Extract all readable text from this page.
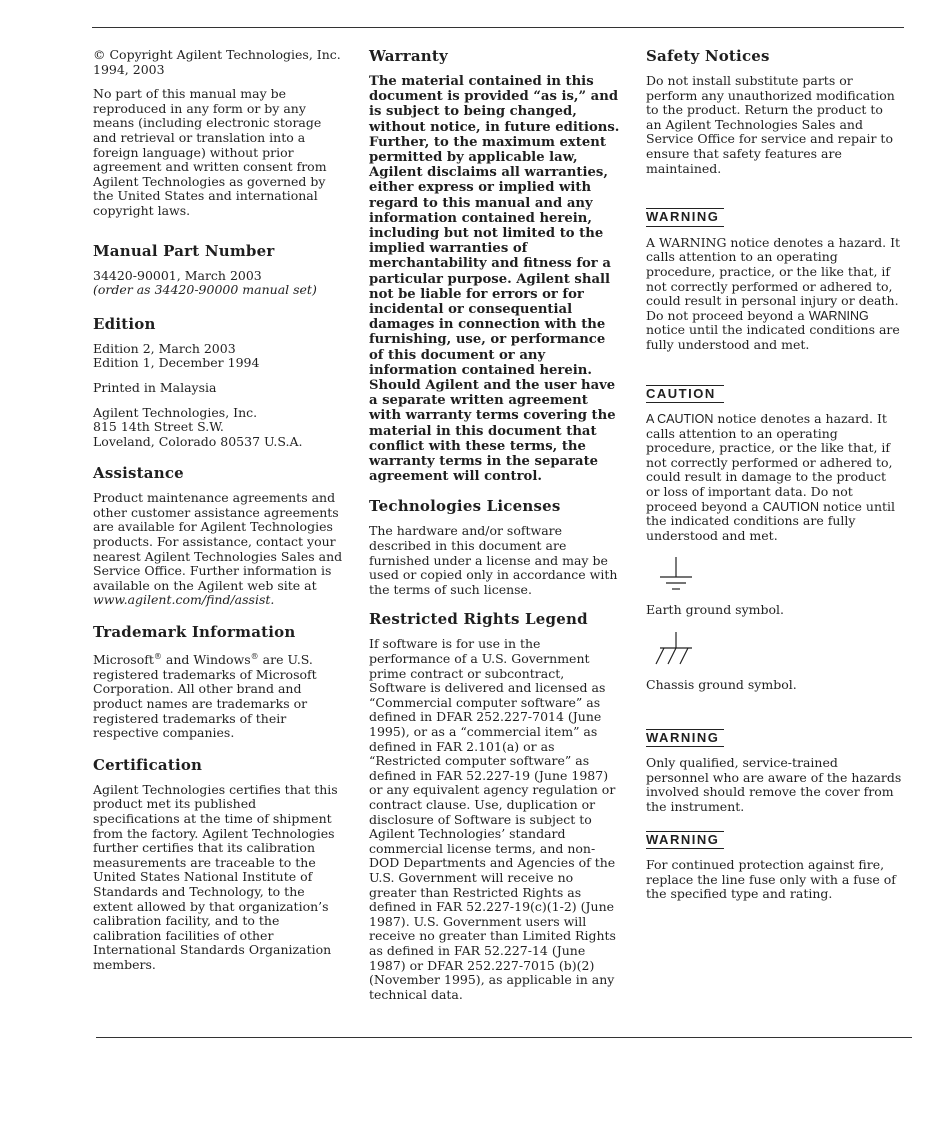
© Copyright Agilent Technologies, Inc. 1994, 2003

No part of this manual may be reproduced in any form or by any means (including electronic storage and retrieval or translation into a foreign language) without prior agreement and written consent from Agilent Technologies as governed by the United States and international copyright laws.

Manual Part Number

34420-90001, March 2003
(order as 34420-90000 manual set)

Edition

Edition 2, March 2003
Edition 1, December 1994

Printed in Malaysia

Agilent Technologies, Inc.
815 14th Street S.W.
Loveland, Colorado 80537 U.S.A.

Assistance

Product maintenance agreements and other customer assistance agreements are available for Agilent Technologies products. For assistance, contact your nearest Agilent Technologies Sales and Service Office. Further information is available on the Agilent web site at www.agilent.com/find/assist.

Trademark Information

Microsoft® and Windows® are U.S. registered trademarks of Microsoft Corporation. All other brand and product names are trademarks or registered trademarks of their respective companies.

Certification

Agilent Technologies certifies that this product met its published specifications at the time of shipment from the factory. Agilent Technologies further certifies that its calibration measurements are traceable to the United States National Institute of Standards and Technology, to the extent allowed by that organization’s calibration facility, and to the calibration facilities of other International Standards Organization members.

Warranty

The material contained in this document is provided “as is,” and is subject to being changed, without notice, in future editions. Further, to the maximum extent permitted by applicable law, Agilent disclaims all warranties, either express or implied with regard to this manual and any information contained herein, including but not limited to the implied warranties of merchantability and fitness for a particular purpose. Agilent shall not be liable for errors or for incidental or consequential damages in connection with the furnishing, use, or performance of this document or any information contained herein. Should Agilent and the user have a separate written agreement with warranty terms covering the material in this document that conflict with these terms, the warranty terms in the separate agreement will control.

Technologies Licenses

The hardware and/or software described in this document are furnished under a license and may be used or copied only in accordance with the terms of such license.

Restricted Rights Legend

If software is for use in the performance of a U.S. Government prime contract or subcontract, Software is delivered and licensed as “Commercial computer software” as defined in DFAR 252.227-7014 (June 1995), or as a “commercial item” as defined in FAR 2.101(a) or as “Restricted computer software” as defined in FAR 52.227-19 (June 1987) or any equivalent agency regulation or contract clause. Use, duplication or disclosure of Software is subject to Agilent Technologies’ standard commercial license terms, and non-DOD Departments and Agencies of the U.S. Government will receive no greater than Restricted Rights as defined in FAR 52.227-19(c)(1-2) (June 1987). U.S. Government users will receive no greater than Limited Rights as defined in FAR 52.227-14 (June 1987) or DFAR 252.227-7015 (b)(2) (November 1995), as applicable in any technical data.

Safety Notices

Do not install substitute parts or perform any unauthorized modification to the product. Return the product to an Agilent Technologies Sales and Service Office for service and repair to ensure that safety features are maintained.

WARNING

A WARNING notice denotes a hazard. It calls attention to an operating procedure, practice, or the like that, if not correctly performed or adhered to, could result in personal injury or death. Do not proceed beyond a WARNING notice until the indicated conditions are fully understood and met.

CAUTION

A CAUTION notice denotes a hazard. It calls attention to an operating procedure, practice, or the like that, if not correctly performed or adhered to, could result in damage to the product or loss of important data. Do not proceed beyond a CAUTION notice until the indicated conditions are fully understood and met.

Earth ground symbol.

Chassis ground symbol.

WARNING

Only qualified, service-trained personnel who are aware of the hazards involved should remove the cover from the instrument.

WARNING

For continued protection against fire, replace the line fuse only with a fuse of the specified type and rating.
